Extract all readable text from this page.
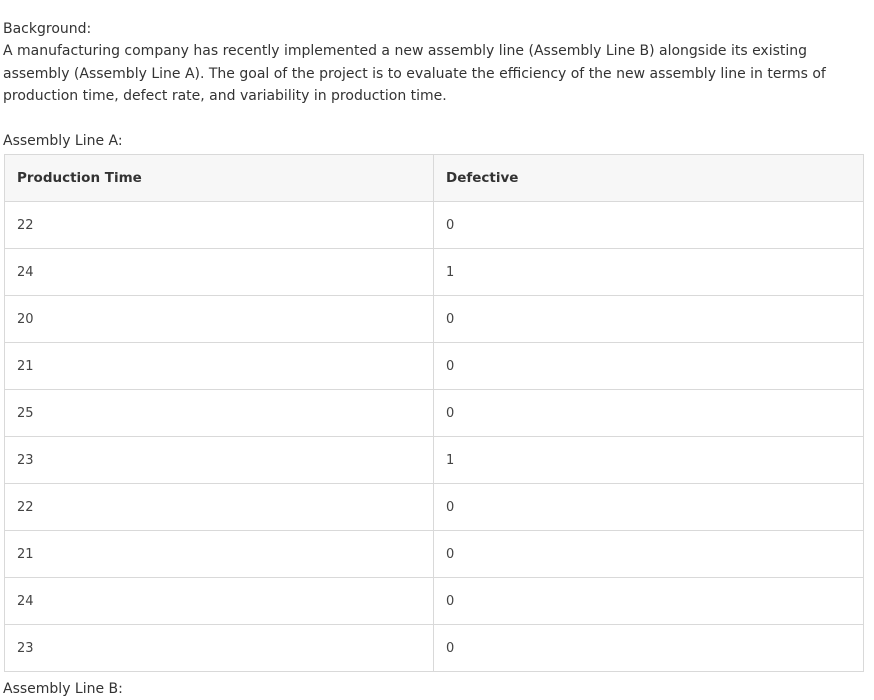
Background:

A manufacturing company has recently implemented a new assembly line (Assembly Line B) alongside its existing assembly (Assembly Line A). The goal of the project is to evaluate the efficiency of the new assembly line in terms of production time, defect rate, and variability in production time.

Assembly Line A:

Production Time	Defective
22	0
24	1
20	0
21	0
25	0
23	1
22	0
21	0
24	0
23	0

Assembly Line B:
